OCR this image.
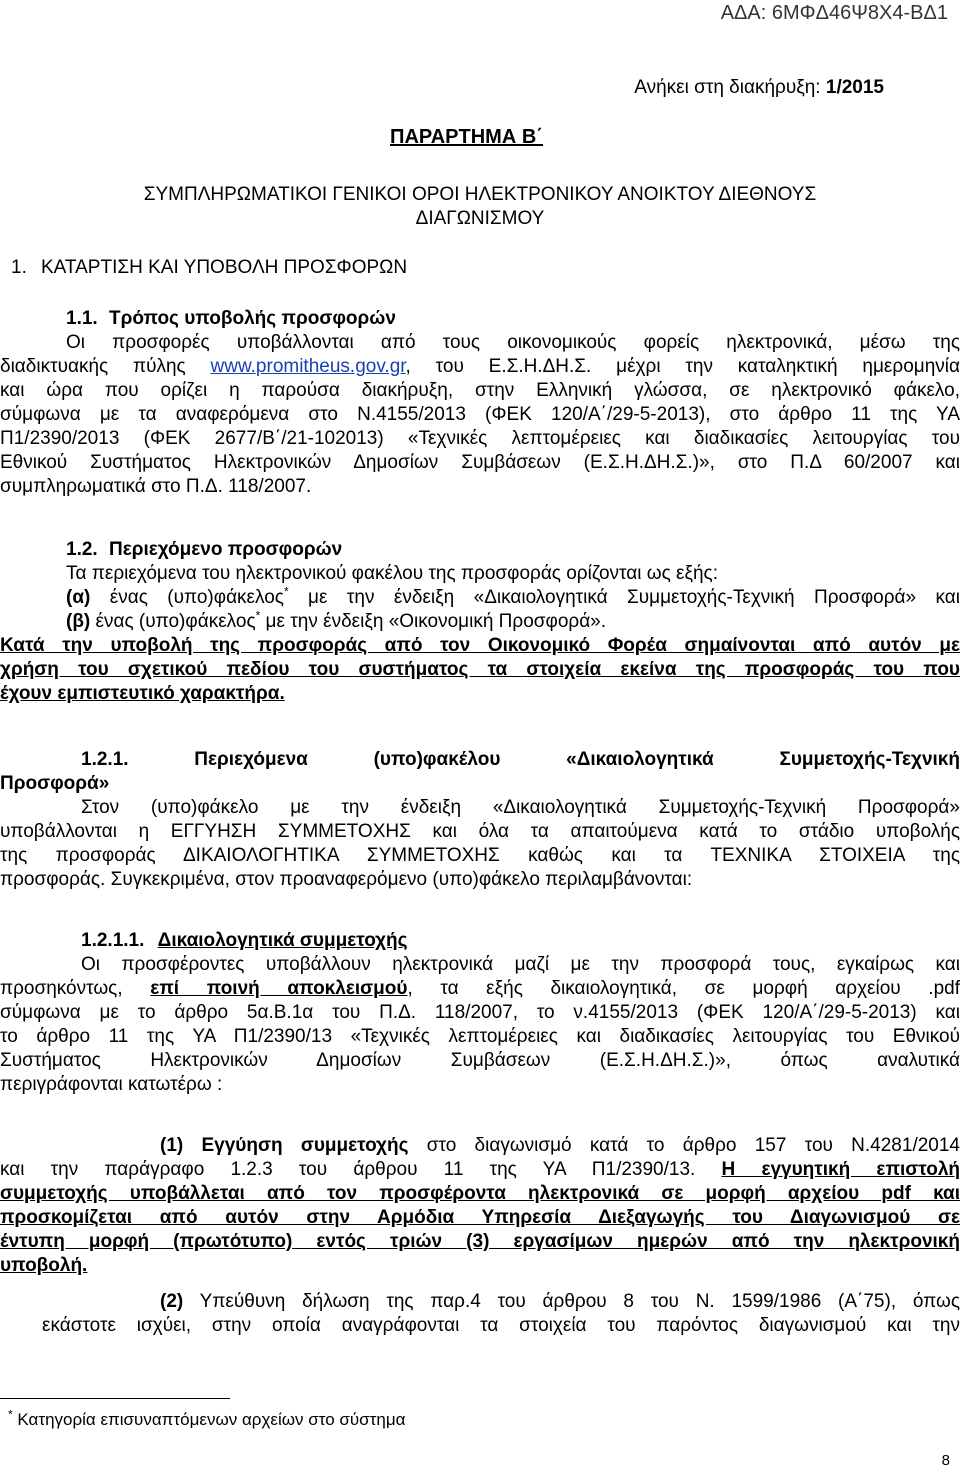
ΑΔΑ: 6ΜΦΔ46Ψ8Χ4-ΒΔ1
Ανήκει στη διακήρυξη: 1/2015
ΠΑΡΑΡΤΗΜΑ Β΄
ΣΥΜΠΛΗΡΩΜΑΤΙΚΟΙ ΓΕΝΙΚΟΙ ΟΡΟΙ ΗΛΕΚΤΡΟΝΙΚΟΥ ΑΝΟΙΚΤΟΥ ΔΙΕΘΝΟΥΣ
ΔΙΑΓΩΝΙΣΜΟΥ
1. ΚΑΤΑΡΤΙΣΗ ΚΑΙ ΥΠΟΒΟΛΗ ΠΡΟΣΦΟΡΩΝ
1.1. Τρόπος υποβολής προσφορών
Οι προσφορές υποβάλλονται από τους οικονομικούς φορείς ηλεκτρονικά, μέσω της
διαδικτυακής πύλης www.promitheus.gov.gr, του Ε.Σ.Η.ΔΗ.Σ. μέχρι την καταληκτική ημερομηνία
και ώρα που ορίζει η παρούσα διακήρυξη, στην Ελληνική γλώσσα, σε ηλεκτρονικό φάκελο,
σύμφωνα με τα αναφερόμενα στο Ν.4155/2013 (ΦΕΚ 120/Α΄/29-5-2013), στο άρθρο 11 της ΥΑ
Π1/2390/2013 (ΦΕΚ 2677/Β΄/21-102013) «Τεχνικές λεπτομέρειες και διαδικασίες λειτουργίας του
Εθνικού Συστήματος Ηλεκτρονικών Δημοσίων Συμβάσεων (Ε.Σ.Η.ΔΗ.Σ.)», στο Π.Δ 60/2007 και
συμπληρωματικά στο Π.Δ. 118/2007.
1.2. Περιεχόμενο προσφορών
Τα περιεχόμενα του ηλεκτρονικού φακέλου της προσφοράς ορίζονται ως εξής:
(α) ένας (υπο)φάκελος* με την ένδειξη «Δικαιολογητικά Συμμετοχής-Τεχνική Προσφορά» και
(β) ένας (υπο)φάκελος* με την ένδειξη «Οικονομική Προσφορά».
Κατά την υποβολή της προσφοράς από τον Οικονομικό Φορέα σημαίνονται από αυτόν με
χρήση του σχετικού πεδίου του συστήματος τα στοιχεία εκείνα της προσφοράς του που
έχουν εμπιστευτικό χαρακτήρα.
1.2.1. Περιεχόμενα (υπο)φακέλου «Δικαιολογητικά Συμμετοχής-Τεχνική
Προσφορά»
Στον (υπο)φάκελο με την ένδειξη «Δικαιολογητικά Συμμετοχής-Τεχνική Προσφορά»
υποβάλλονται η ΕΓΓΥΗΣΗ ΣΥΜΜΕΤΟΧΗΣ και όλα τα απαιτούμενα κατά το στάδιο υποβολής
της προσφοράς ΔΙΚΑΙΟΛΟΓΗΤΙΚΑ ΣΥΜΜΕΤΟΧΗΣ καθώς και τα ΤΕΧΝΙΚΑ ΣΤΟΙΧΕΙΑ της
προσφοράς. Συγκεκριμένα, στον προαναφερόμενο (υπο)φάκελο περιλαμβάνονται:
1.2.1.1. Δικαιολογητικά συμμετοχής
Οι προσφέροντες υποβάλλουν ηλεκτρονικά μαζί με την προσφορά τους, εγκαίρως και
προσηκόντως, επί ποινή αποκλεισμού, τα εξής δικαιολογητικά, σε μορφή αρχείου .pdf
σύμφωνα με το άρθρο 5α.Β.1α του Π.Δ. 118/2007, το ν.4155/2013 (ΦΕΚ 120/Α΄/29-5-2013) και
το άρθρο 11 της ΥΑ Π1/2390/13 «Τεχνικές λεπτομέρειες και διαδικασίες λειτουργίας του Εθνικού
Συστήματος Ηλεκτρονικών Δημοσίων Συμβάσεων (Ε.Σ.Η.ΔΗ.Σ.)», όπως αναλυτικά
περιγράφονται κατωτέρω :
(1) Εγγύηση συμμετοχής στο διαγωνισμό κατά το άρθρο 157 του Ν.4281/2014
και την παράγραφο 1.2.3 του άρθρου 11 της ΥΑ Π1/2390/13. Η εγγυητική επιστολή
συμμετοχής υποβάλλεται από τον προσφέροντα ηλεκτρονικά σε μορφή αρχείου pdf και
προσκομίζεται από αυτόν στην Αρμόδια Υπηρεσία Διεξαγωγής του Διαγωνισμού σε
έντυπη μορφή (πρωτότυπο) εντός τριών (3) εργασίμων ημερών από την ηλεκτρονική
υποβολή.
(2) Υπεύθυνη δήλωση της παρ.4 του άρθρου 8 του Ν. 1599/1986 (Α΄75), όπως
εκάστοτε ισχύει, στην οποία αναγράφονται τα στοιχεία του παρόντος διαγωνισμού και την
* Κατηγορία επισυναπτόμενων αρχείων στο σύστημα
8
